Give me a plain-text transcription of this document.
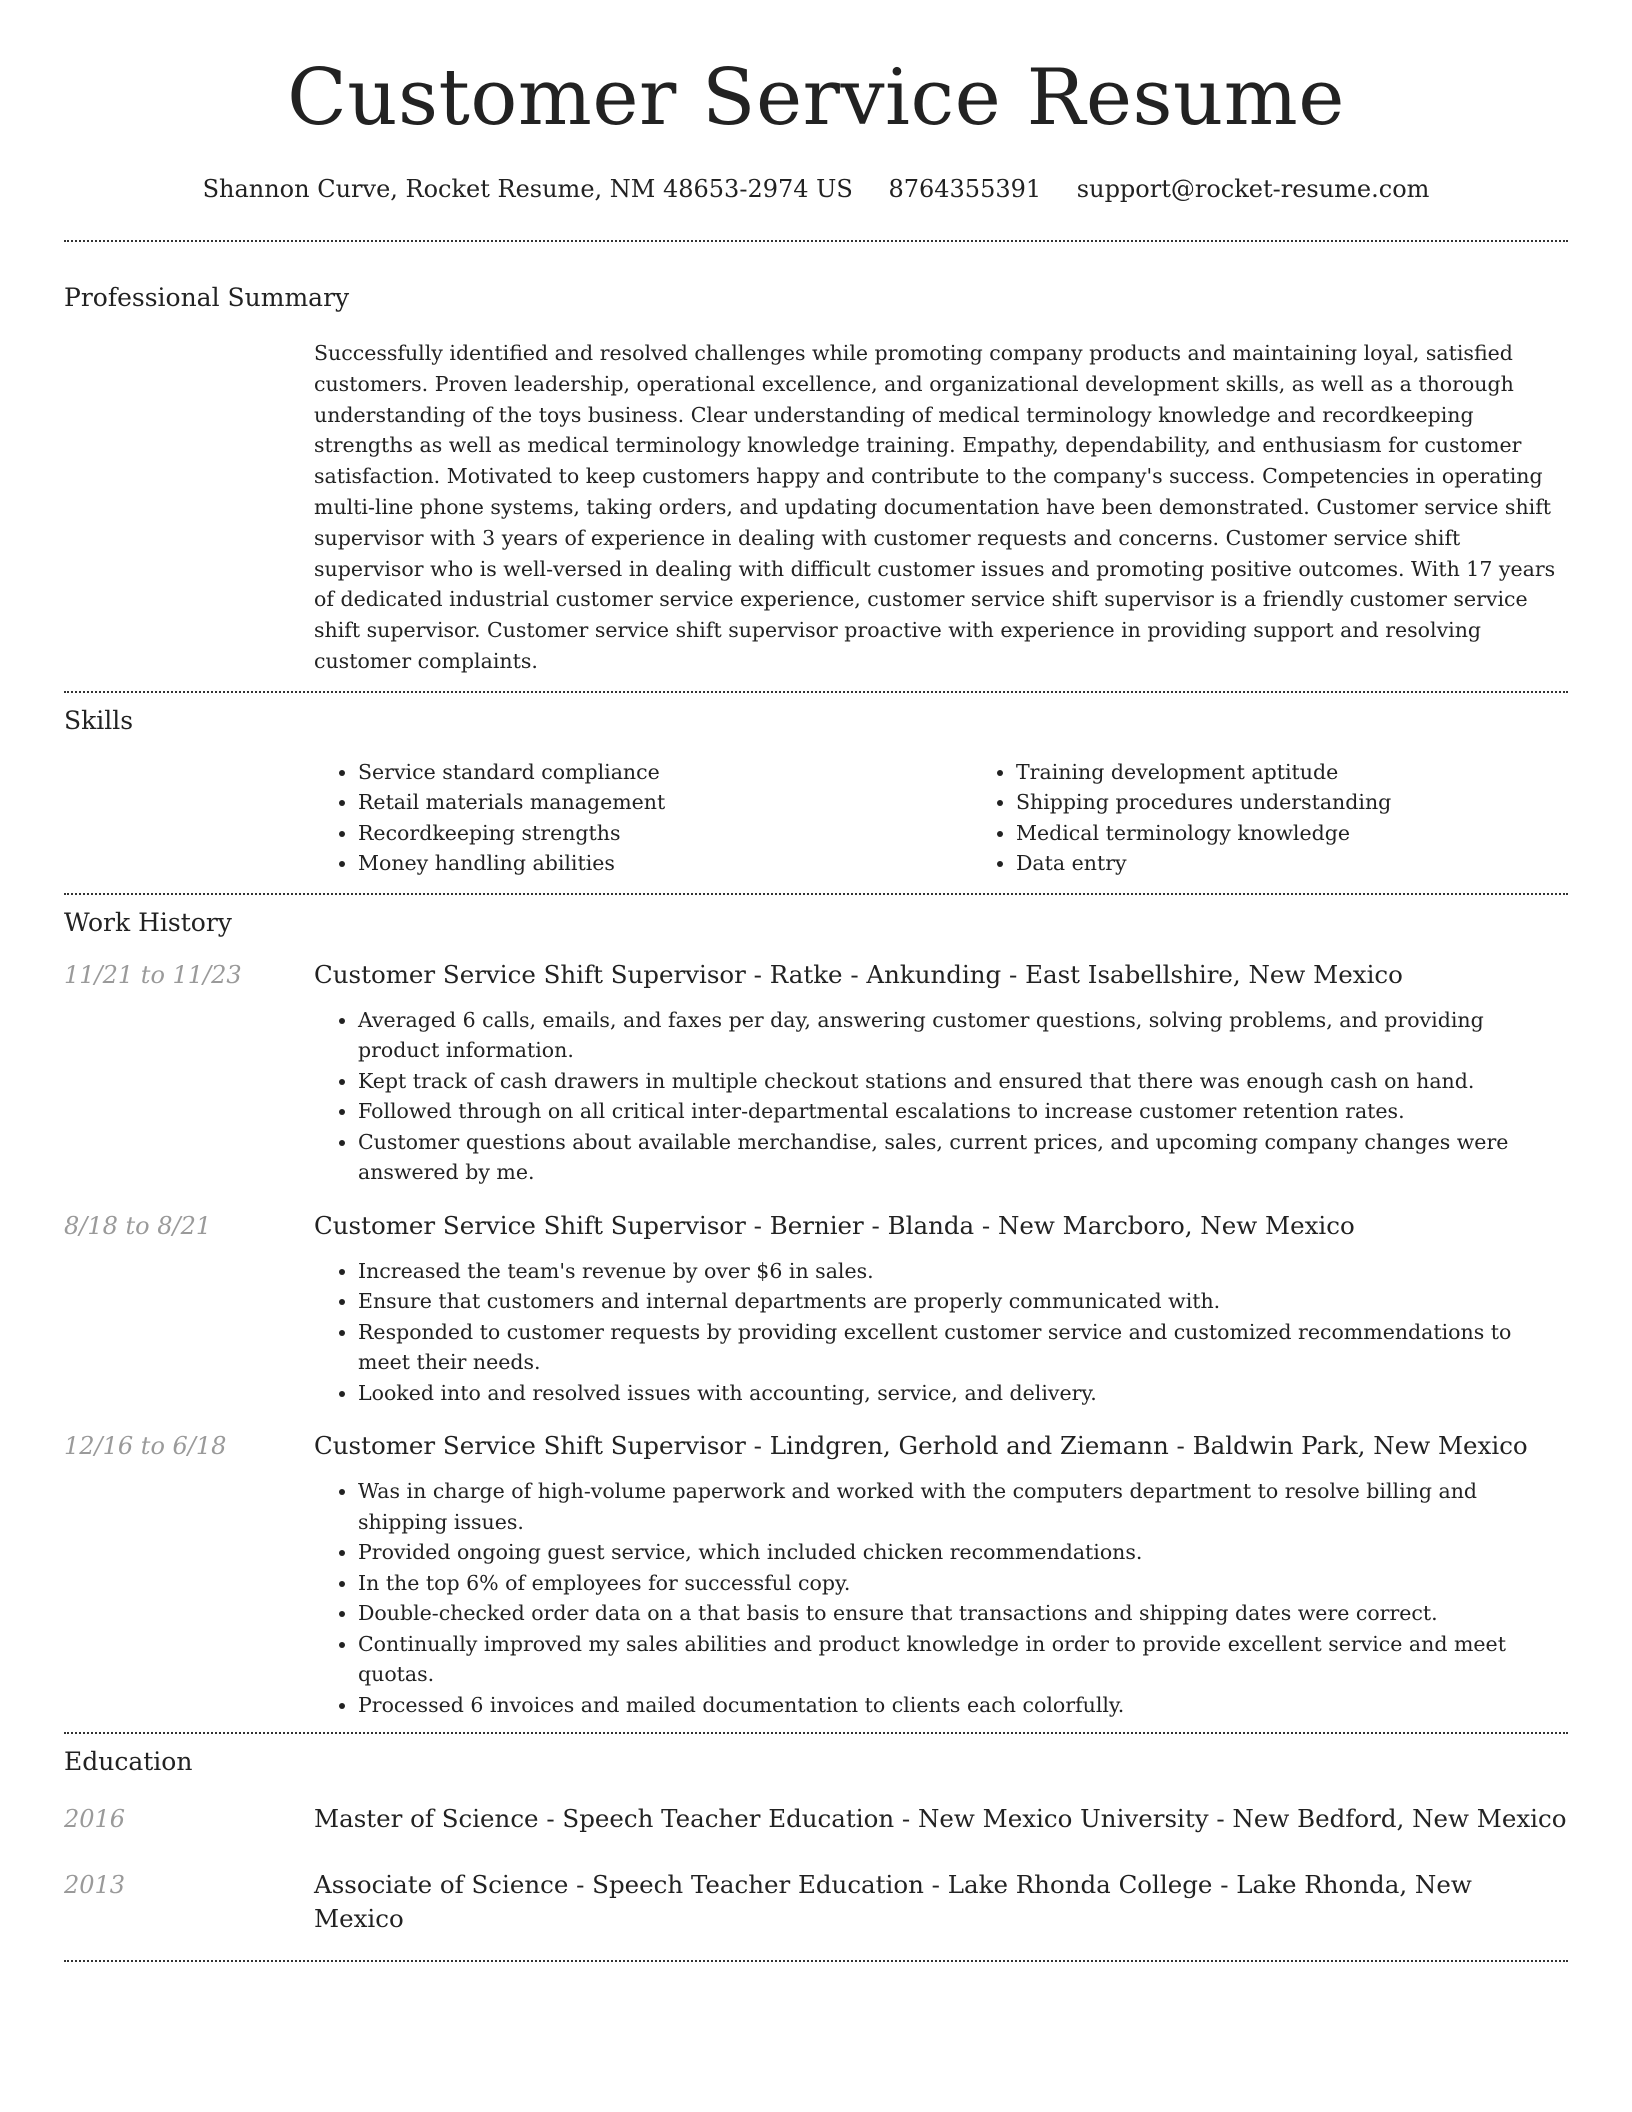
Customer Service Resume
Shannon Curve, Rocket Resume, NM 48653-2974 US 8764355391 support@rocket-resume.com
Professional Summary

Successfully identified and resolved challenges while promoting company products and maintaining loyal, satisfied customers. Proven leadership, operational excellence, and organizational development skills, as well as a thorough understanding of the toys business. Clear understanding of medical terminology knowledge and recordkeeping strengths as well as medical terminology knowledge training. Empathy, dependability, and enthusiasm for customer satisfaction. Motivated to keep customers happy and contribute to the company's success. Competencies in operating multi-line phone systems, taking orders, and updating documentation have been demonstrated. Customer service shift supervisor with 3 years of experience in dealing with customer requests and concerns. Customer service shift supervisor who is well-versed in dealing with difficult customer issues and promoting positive outcomes. With 17 years of dedicated industrial customer service experience, customer service shift supervisor is a friendly customer service shift supervisor. Customer service shift supervisor proactive with experience in providing support and resolving customer complaints.

Skills
• Service standard compliance
• Retail materials management
• Recordkeeping strengths
• Money handling abilities
• Training development aptitude
• Shipping procedures understanding
• Medical terminology knowledge
• Data entry
Work History
11/21 to 11/23	Customer Service Shift Supervisor - Ratke - Ankunding - East Isabellshire, New Mexico
• Averaged 6 calls, emails, and faxes per day, answering customer questions, solving problems, and providing product information.
• Kept track of cash drawers in multiple checkout stations and ensured that there was enough cash on hand.
• Followed through on all critical inter-departmental escalations to increase customer retention rates.
• Customer questions about available merchandise, sales, current prices, and upcoming company changes were answered by me.
8/18 to 8/21	Customer Service Shift Supervisor - Bernier - Blanda - New Marcboro, New Mexico
• Increased the team's revenue by over $6 in sales.
• Ensure that customers and internal departments are properly communicated with.
• Responded to customer requests by providing excellent customer service and customized recommendations to meet their needs.
• Looked into and resolved issues with accounting, service, and delivery.
12/16 to 6/18	Customer Service Shift Supervisor - Lindgren, Gerhold and Ziemann - Baldwin Park, New Mexico
• Was in charge of high-volume paperwork and worked with the computers department to resolve billing and shipping issues.
• Provided ongoing guest service, which included chicken recommendations.
• In the top 6% of employees for successful copy.
• Double-checked order data on a that basis to ensure that transactions and shipping dates were correct.
• Continually improved my sales abilities and product knowledge in order to provide excellent service and meet quotas.
• Processed 6 invoices and mailed documentation to clients each colorfully.
Education
2016	Master of Science - Speech Teacher Education - New Mexico University - New Bedford, New Mexico
2013	Associate of Science - Speech Teacher Education - Lake Rhonda College - Lake Rhonda, New Mexico
